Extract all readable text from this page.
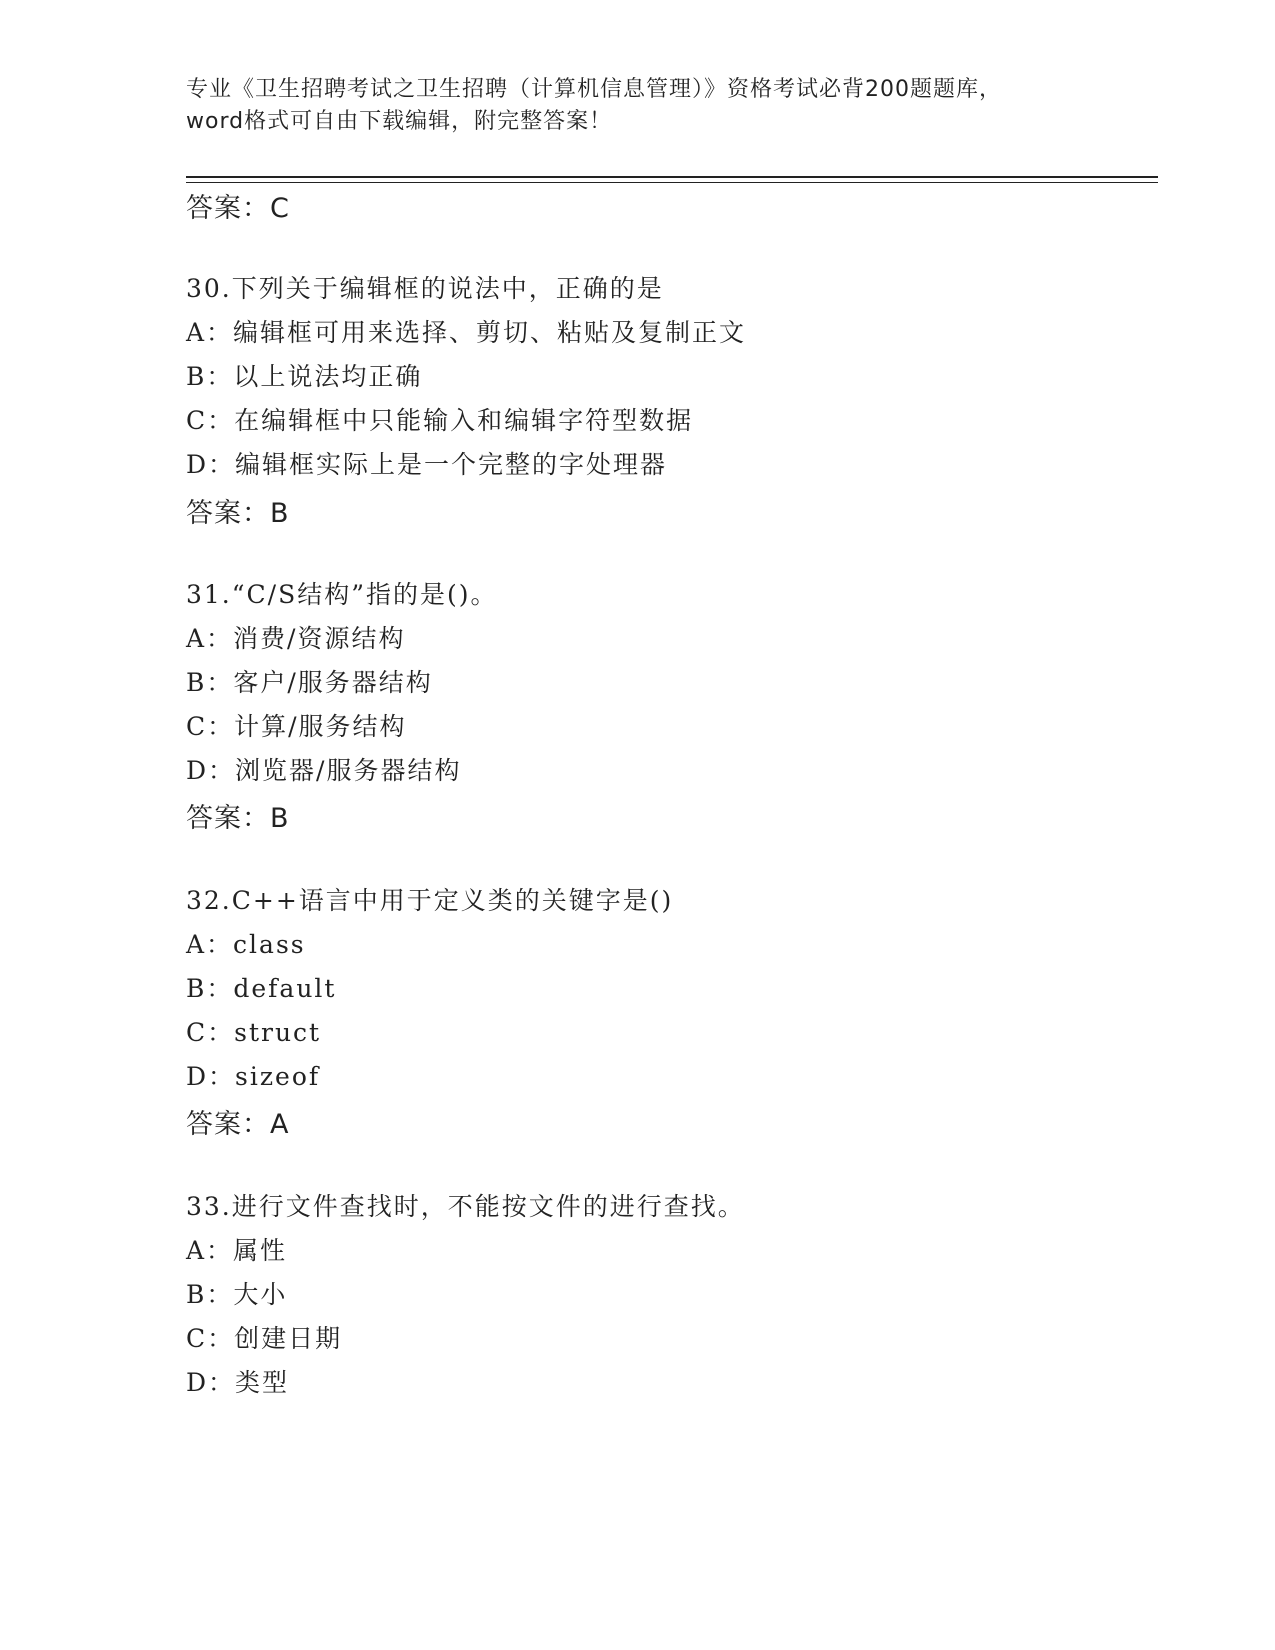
专业《卫生招聘考试之卫生招聘（计算机信息管理）》资格考试必背200题题库，
word格式可自由下载编辑，附完整答案！
答案：C
30.下列关于编辑框的说法中，正确的是
A：编辑框可用来选择、剪切、粘贴及复制正文
B：以上说法均正确
C：在编辑框中只能输入和编辑字符型数据
D：编辑框实际上是一个完整的字处理器
答案：B
31.“C/S结构”指的是()。
A：消费/资源结构
B：客户/服务器结构
C：计算/服务结构
D：浏览器/服务器结构
答案：B
32.C++语言中用于定义类的关键字是()
A：class
B：default
C：struct
D：sizeof
答案：A
33.进行文件查找时，不能按文件的进行查找。
A：属性
B：大小
C：创建日期
D：类型
